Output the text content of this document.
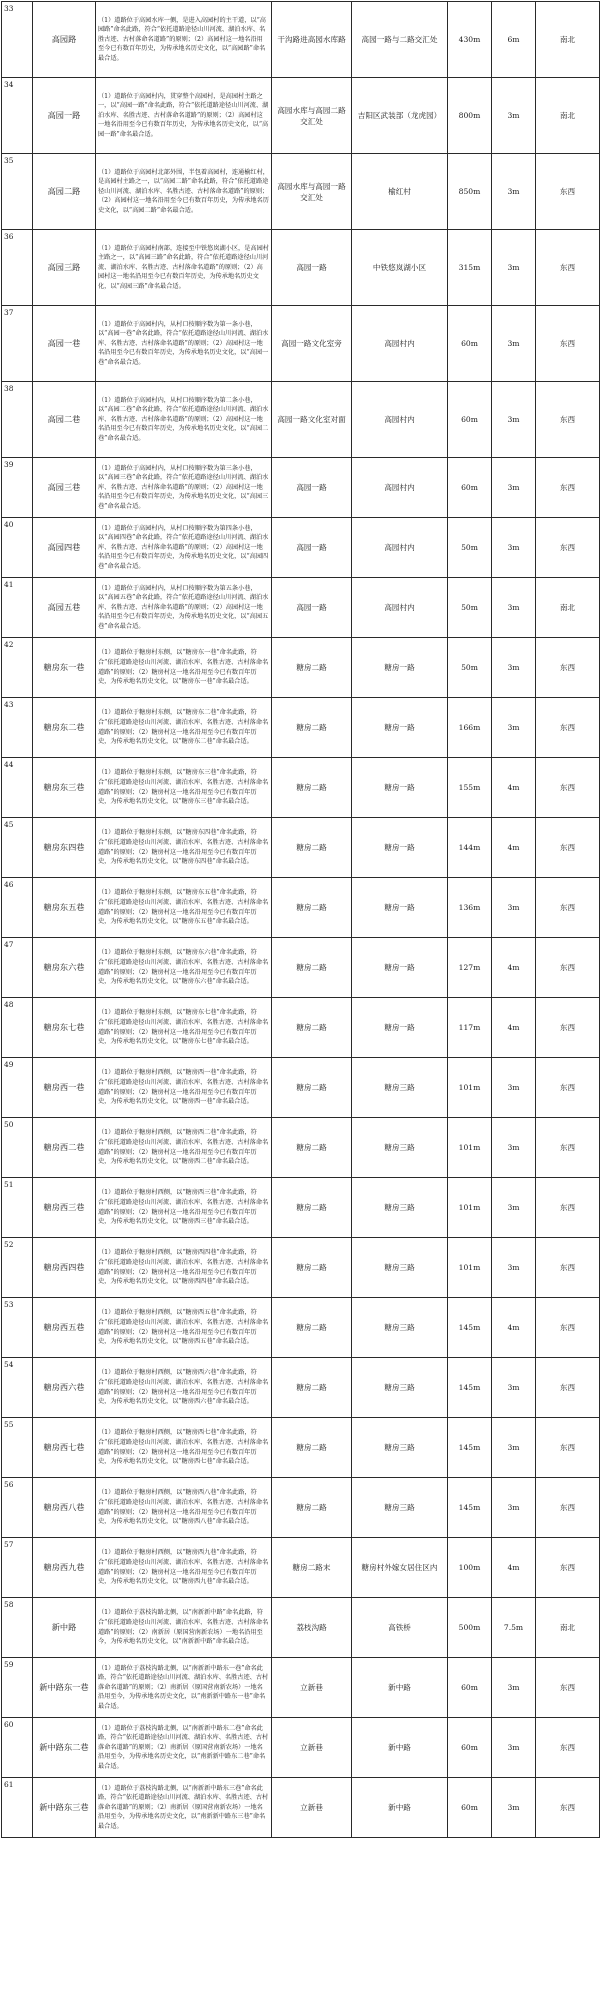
33	高园路	（1）道路位于高园水库一侧，是进入高园村的主干道，以“高园路”命名此路，符合“依托道路途径山川河流、湖泊水库、名胜古迹、古村落命名道路”的原则；（2）高园村这一地名沿用至今已有数百年历史，为传承地名历史文化，以“高园路”命名最合适。	干沟路进高园水库路	高园一路与二路交汇处	430m	6m	南北
34	高园一路	（1）道路位于高园村内，贯穿整个高园村，是高园村主路之一，以“高园一路”命名此路，符合“依托道路途径山川河流、湖泊水库、名胜古迹、古村落命名道路”的原则；（2）高园村这一地名沿用至今已有数百年历史，为传承地名历史文化，以“高园一路”命名最合适。	高园水库与高园二路交汇处	吉阳区武装部（龙虎园）	800m	3m	南北
35	高园二路	（1）道路位于高园村北部外围，半包着高园村，连通榆红村，是高园村主路之一，以“高园二路”命名此路，符合“依托道路途径山川河流、湖泊水库、名胜古迹、古村落命名道路”的原则；（2）高园村这一地名沿用至今已有数百年历史，为传承地名历史文化，以“高园二路”命名最合适。	高园水库与高园一路交汇处	榆红村	850m	3m	东西
36	高园三路	（1）道路位于高园村南部，连接至中铁悠岚湖小区，是高园村主路之一，以“高园三路”命名此路，符合“依托道路途径山川河流、湖泊水库、名胜古迹、古村落命名道路”的原则；（2）高园村这一地名沿用至今已有数百年历史，为传承地名历史文化，以“高园三路”命名最合适。	高园一路	中铁悠岚湖小区	315m	3m	东西
37	高园一巷	（1）道路位于高园村内，从村口按顺序数为第一条小巷，以“高园一巷”命名此路，符合“依托道路途径山川河流、湖泊水库、名胜古迹、古村落命名道路”的原则；（2）高园村这一地名沿用至今已有数百年历史，为传承地名历史文化，以“高园一巷”命名最合适。	高园一路文化室旁	高园村内	60m	3m	东西
38	高园二巷	（1）道路位于高园村内，从村口按顺序数为第二条小巷，以“高园二巷”命名此路，符合“依托道路途径山川河流、湖泊水库、名胜古迹、古村落命名道路”的原则；（2）高园村这一地名沿用至今已有数百年历史，为传承地名历史文化，以“高园二巷”命名最合适。	高园一路文化室对面	高园村内	60m	3m	东西
39	高园三巷	（1）道路位于高园村内，从村口按顺序数为第三条小巷，以“高园三巷”命名此路，符合“依托道路途径山川河流、湖泊水库、名胜古迹、古村落命名道路”的原则；（2）高园村这一地名沿用至今已有数百年历史，为传承地名历史文化，以“高园三巷”命名最合适。	高园一路	高园村内	60m	3m	东西
40	高园四巷	（1）道路位于高园村内，从村口按顺序数为第四条小巷，以“高园四巷”命名此路，符合“依托道路途径山川河流、湖泊水库、名胜古迹、古村落命名道路”的原则；（2）高园村这一地名沿用至今已有数百年历史，为传承地名历史文化，以“高园四巷”命名最合适。	高园一路	高园村内	50m	3m	东西
41	高园五巷	（1）道路位于高园村内，从村口按顺序数为第五条小巷，以“高园五巷”命名此路，符合“依托道路途径山川河流、湖泊水库、名胜古迹、古村落命名道路”的原则；（2）高园村这一地名沿用至今已有数百年历史，为传承地名历史文化，以“高园五巷”命名最合适。	高园一路	高园村内	50m	3m	南北
42	糖房东一巷	（1）道路位于糖房村东侧，以“糖房东一巷”命名此路，符合“依托道路途径山川河流、湖泊水库、名胜古迹、古村落命名道路”的原则；（2）糖房村这一地名沿用至今已有数百年历史，为传承地名历史文化，以“糖房东一巷”命名最合适。	糖房二路	糖房一路	50m	3m	东西
43	糖房东二巷	（1）道路位于糖房村东侧，以“糖房东二巷”命名此路，符合“依托道路途径山川河流、湖泊水库、名胜古迹、古村落命名道路”的原则；（2）糖房村这一地名沿用至今已有数百年历史，为传承地名历史文化，以“糖房东二巷”命名最合适。	糖房二路	糖房一路	166m	3m	东西
44	糖房东三巷	（1）道路位于糖房村东侧，以“糖房东三巷”命名此路，符合“依托道路途径山川河流、湖泊水库、名胜古迹、古村落命名道路”的原则；（2）糖房村这一地名沿用至今已有数百年历史，为传承地名历史文化，以“糖房东三巷”命名最合适。	糖房二路	糖房一路	155m	4m	东西
45	糖房东四巷	（1）道路位于糖房村东侧，以“糖房东四巷”命名此路，符合“依托道路途径山川河流、湖泊水库、名胜古迹、古村落命名道路”的原则；（2）糖房村这一地名沿用至今已有数百年历史，为传承地名历史文化，以“糖房东四巷”命名最合适。	糖房二路	糖房一路	144m	4m	东西
46	糖房东五巷	（1）道路位于糖房村东侧，以“糖房东五巷”命名此路，符合“依托道路途径山川河流、湖泊水库、名胜古迹、古村落命名道路”的原则；（2）糖房村这一地名沿用至今已有数百年历史，为传承地名历史文化，以“糖房东五巷”命名最合适。	糖房二路	糖房一路	136m	3m	东西
47	糖房东六巷	（1）道路位于糖房村东侧，以“糖房东六巷”命名此路，符合“依托道路途径山川河流、湖泊水库、名胜古迹、古村落命名道路”的原则；（2）糖房村这一地名沿用至今已有数百年历史，为传承地名历史文化，以“糖房东六巷”命名最合适。	糖房二路	糖房一路	127m	4m	东西
48	糖房东七巷	（1）道路位于糖房村东侧，以“糖房东七巷”命名此路，符合“依托道路途径山川河流、湖泊水库、名胜古迹、古村落命名道路”的原则；（2）糖房村这一地名沿用至今已有数百年历史，为传承地名历史文化，以“糖房东七巷”命名最合适。	糖房二路	糖房一路	117m	4m	东西
49	糖房西一巷	（1）道路位于糖房村西侧，以“糖房西一巷”命名此路，符合“依托道路途径山川河流、湖泊水库、名胜古迹、古村落命名道路”的原则；（2）糖房村这一地名沿用至今已有数百年历史，为传承地名历史文化，以“糖房西一巷”命名最合适。	糖房二路	糖房三路	101m	3m	东西
50	糖房西二巷	（1）道路位于糖房村西侧，以“糖房西二巷”命名此路，符合“依托道路途径山川河流、湖泊水库、名胜古迹、古村落命名道路”的原则；（2）糖房村这一地名沿用至今已有数百年历史，为传承地名历史文化，以“糖房西二巷”命名最合适。	糖房二路	糖房三路	101m	3m	东西
51	糖房西三巷	（1）道路位于糖房村西侧，以“糖房西三巷”命名此路，符合“依托道路途径山川河流、湖泊水库、名胜古迹、古村落命名道路”的原则；（2）糖房村这一地名沿用至今已有数百年历史，为传承地名历史文化，以“糖房西三巷”命名最合适。	糖房二路	糖房三路	101m	3m	东西
52	糖房西四巷	（1）道路位于糖房村西侧，以“糖房西四巷”命名此路，符合“依托道路途径山川河流、湖泊水库、名胜古迹、古村落命名道路”的原则；（2）糖房村这一地名沿用至今已有数百年历史，为传承地名历史文化，以“糖房西四巷”命名最合适。	糖房二路	糖房三路	101m	3m	东西
53	糖房西五巷	（1）道路位于糖房村西侧，以“糖房西五巷”命名此路，符合“依托道路途径山川河流、湖泊水库、名胜古迹、古村落命名道路”的原则；（2）糖房村这一地名沿用至今已有数百年历史，为传承地名历史文化，以“糖房西五巷”命名最合适。	糖房二路	糖房三路	145m	4m	东西
54	糖房西六巷	（1）道路位于糖房村西侧，以“糖房西六巷”命名此路，符合“依托道路途径山川河流、湖泊水库、名胜古迹、古村落命名道路”的原则；（2）糖房村这一地名沿用至今已有数百年历史，为传承地名历史文化，以“糖房西六巷”命名最合适。	糖房二路	糖房三路	145m	3m	东西
55	糖房西七巷	（1）道路位于糖房村西侧，以“糖房西七巷”命名此路，符合“依托道路途径山川河流、湖泊水库、名胜古迹、古村落命名道路”的原则；（2）糖房村这一地名沿用至今已有数百年历史，为传承地名历史文化，以“糖房西七巷”命名最合适。	糖房二路	糖房三路	145m	3m	东西
56	糖房西八巷	（1）道路位于糖房村西侧，以“糖房西八巷”命名此路，符合“依托道路途径山川河流、湖泊水库、名胜古迹、古村落命名道路”的原则；（2）糖房村这一地名沿用至今已有数百年历史，为传承地名历史文化，以“糖房西八巷”命名最合适。	糖房二路	糖房三路	145m	3m	东西
57	糖房西九巷	（1）道路位于糖房村西侧，以“糖房西九巷”命名此路，符合“依托道路途径山川河流、湖泊水库、名胜古迹、古村落命名道路”的原则；（2）糖房村这一地名沿用至今已有数百年历史，为传承地名历史文化，以“糖房西九巷”命名最合适。	糖房二路末	糖房村外嫁女居住区内	100m	4m	东西
58	新中路	（1）道路位于荔枝沟路北侧，以“南新新中路”命名此路，符合“依托道路途径山川河流、湖泊水库、名胜古迹、古村落命名道路”的原则；（2）南新居（原国营南新农场）一地名沿用至今，为传承地名历史文化，以“南新新中路”命名最合适。	荔枝沟路	高铁桥	500m	7.5m	南北
59	新中路东一巷	（1）道路位于荔枝沟路北侧，以“南新新中路东一巷”命名此路，符合“依托道路途径山川河流、湖泊水库、名胜古迹、古村落命名道路”的原则；（2）南新居（原国营南新农场）一地名沿用至今，为传承地名历史文化，以“南新新中路东一巷”命名最合适。	立新巷	新中路	60m	3m	东西
60	新中路东二巷	（1）道路位于荔枝沟路北侧，以“南新新中路东二巷”命名此路，符合“依托道路途径山川河流、湖泊水库、名胜古迹、古村落命名道路”的原则；（2）南新居（原国营南新农场）一地名沿用至今，为传承地名历史文化，以“南新新中路东二巷”命名最合适。	立新巷	新中路	60m	3m	东西
61	新中路东三巷	（1）道路位于荔枝沟路北侧，以“南新新中路东三巷”命名此路，符合“依托道路途径山川河流、湖泊水库、名胜古迹、古村落命名道路”的原则；（2）南新居（原国营南新农场）一地名沿用至今，为传承地名历史文化，以“南新新中路东三巷”命名最合适。	立新巷	新中路	60m	3m	东西
